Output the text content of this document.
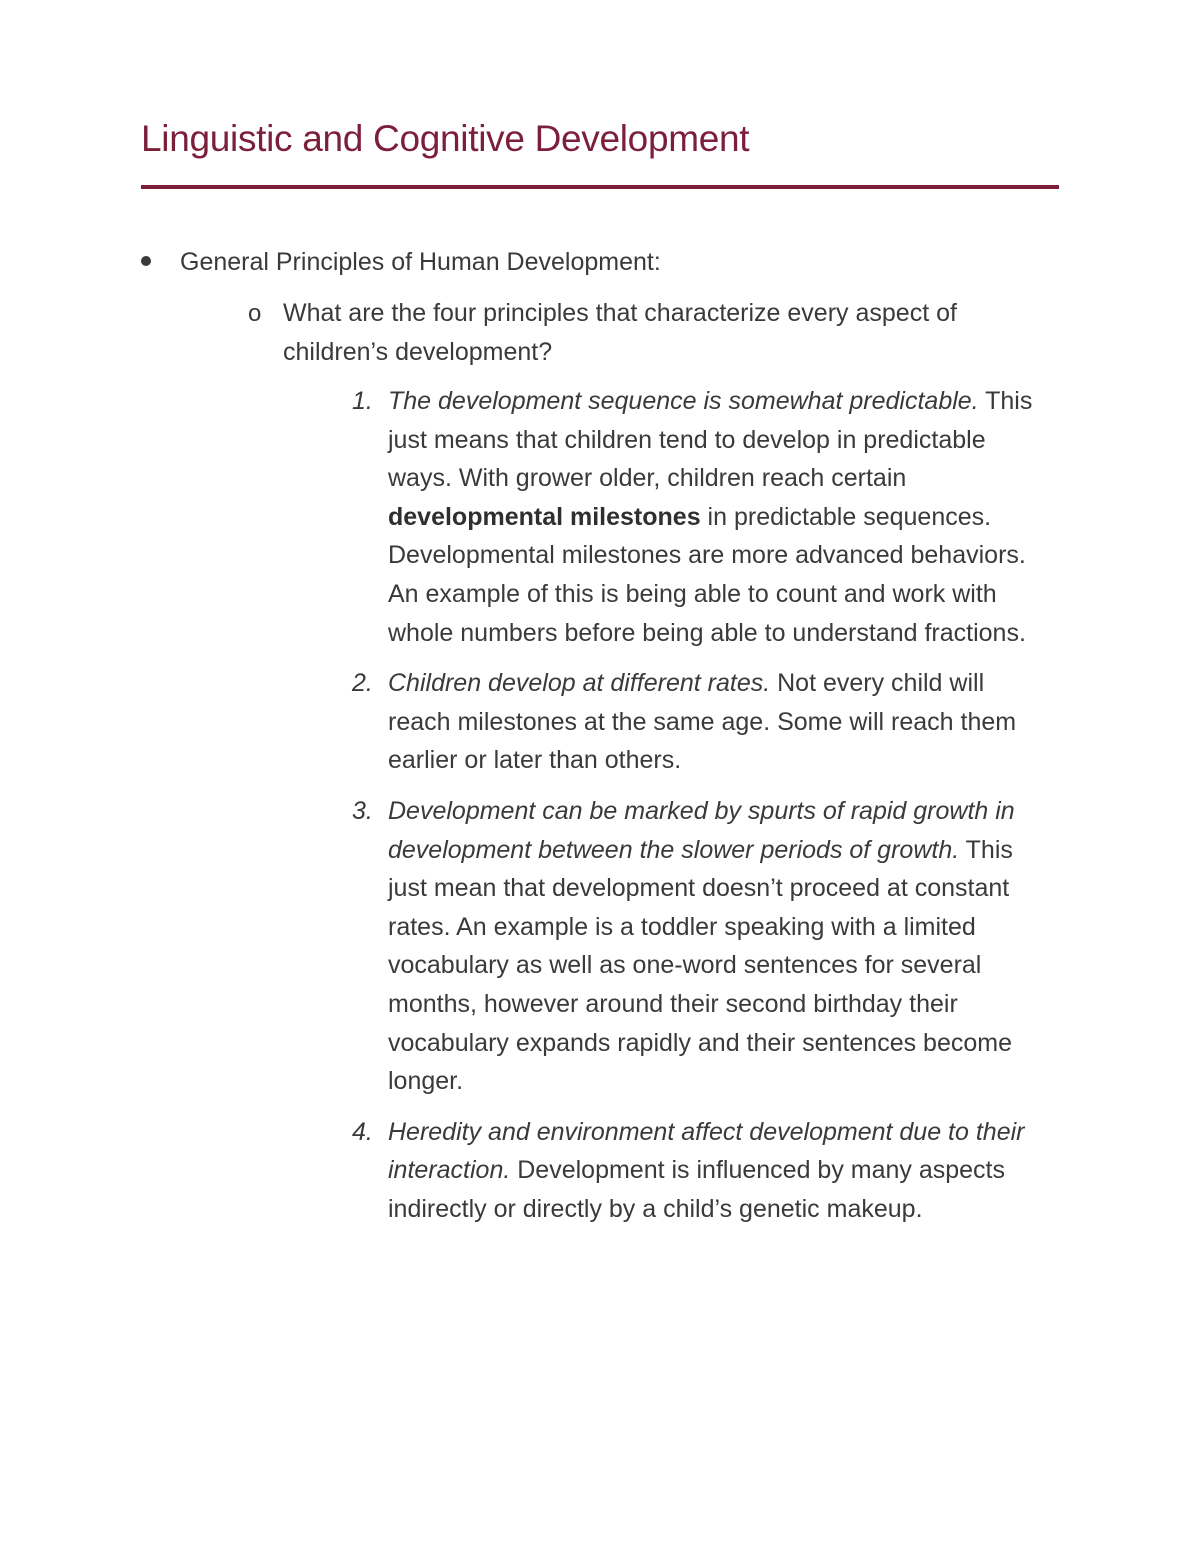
Linguistic and Cognitive Development
General Principles of Human Development:
o What are the four principles that characterize every aspect of children’s development?
1. The development sequence is somewhat predictable. This just means that children tend to develop in predictable ways. With grower older, children reach certain developmental milestones in predictable sequences. Developmental milestones are more advanced behaviors. An example of this is being able to count and work with whole numbers before being able to understand fractions.
2. Children develop at different rates. Not every child will reach milestones at the same age. Some will reach them earlier or later than others.
3. Development can be marked by spurts of rapid growth in development between the slower periods of growth. This just mean that development doesn’t proceed at constant rates. An example is a toddler speaking with a limited vocabulary as well as one-word sentences for several months, however around their second birthday their vocabulary expands rapidly and their sentences become longer.
4. Heredity and environment affect development due to their interaction. Development is influenced by many aspects indirectly or directly by a child’s genetic makeup.
